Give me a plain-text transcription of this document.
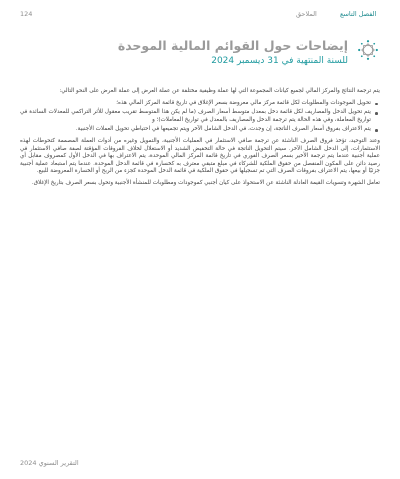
124	الملاحق	الفصل التاسع
إيضاحات حول القوائم المالية الموحدة
للسنة المنتهية في 31 ديسمبر 2024

يتم ترجمة النتائج والمركز المالي لجميع كيانات المجموعة التي لها عملة وظيفية مختلفة عن عملة العرض إلى عملة العرض على النحو التالي:

تحويل الموجودات والمطلوبات لكل قائمة مركز مالي معروضة بسعر الإغلاق في تاريخ قائمة المركز المالي هذه؛
يتم تحويل الدخل والمصاريف لكل قائمة دخل بمعدل متوسط أسعار الصرف (ما لم يكن هذا المتوسط تقريب معقول للأثر التراكمي للمعدلات السائدة في تواريخ المعاملة، وفي هذه الحالة يتم ترجمة الدخل والمصاريف بالمعدل في تواريخ المعاملات)؛ و
يتم الاعتراف بفروق أسعار الصرف الناتجة، إن وجدت، في الدخل الشامل الآخر ويتم تجميعها في احتياطي تحويل العملات الأجنبية.

وعند التوحيد، تؤخذ فروق الصرف الناشئة عن ترجمة صافي الاستثمار في العمليات الأجنبية، والتمويل وغيره من أدوات العملة المصممة كتحوطات لهذه الاستثمارات، إلى الدخل الشامل الآخر. سيتم التحويل الناتجة في حالة التخفيض الشديد أو الاستغلال لخلاف الفروقات المؤقتة لصفة صافي الاستثمار في عملية أجنبية عندما يتم ترجمة الأخير بسعر الصرف الفوري في تاريخ قائمة المركز المالي الموحدة، يتم الاعتراف بها في الدخل الأول كمصروف مقابل أي رصيد دائن على المكون المنفصل من حقوق الملكية للشركاء في مبلغ متبقي معترف به كخسارة في قائمة الدخل الموحدة. عندما يتم استبعاد عملية أجنبية جزئيًا أو بيعها، يتم الاعتراف بفروقات الصرف التي تم تسجيلها في حقوق الملكية في قائمة الدخل الموحدة كجزء من الربح أو الخسارة المعروضة للبيع.

تعامل الشهرة وتسويات القيمة العادلة الناشئة عن الاستحواذ على كيان أجنبي كموجودات ومطلوبات للمنشأة الأجنبية وتحول بسعر الصرف بتاريخ الإغلاق.

التقرير السنوي 2024
